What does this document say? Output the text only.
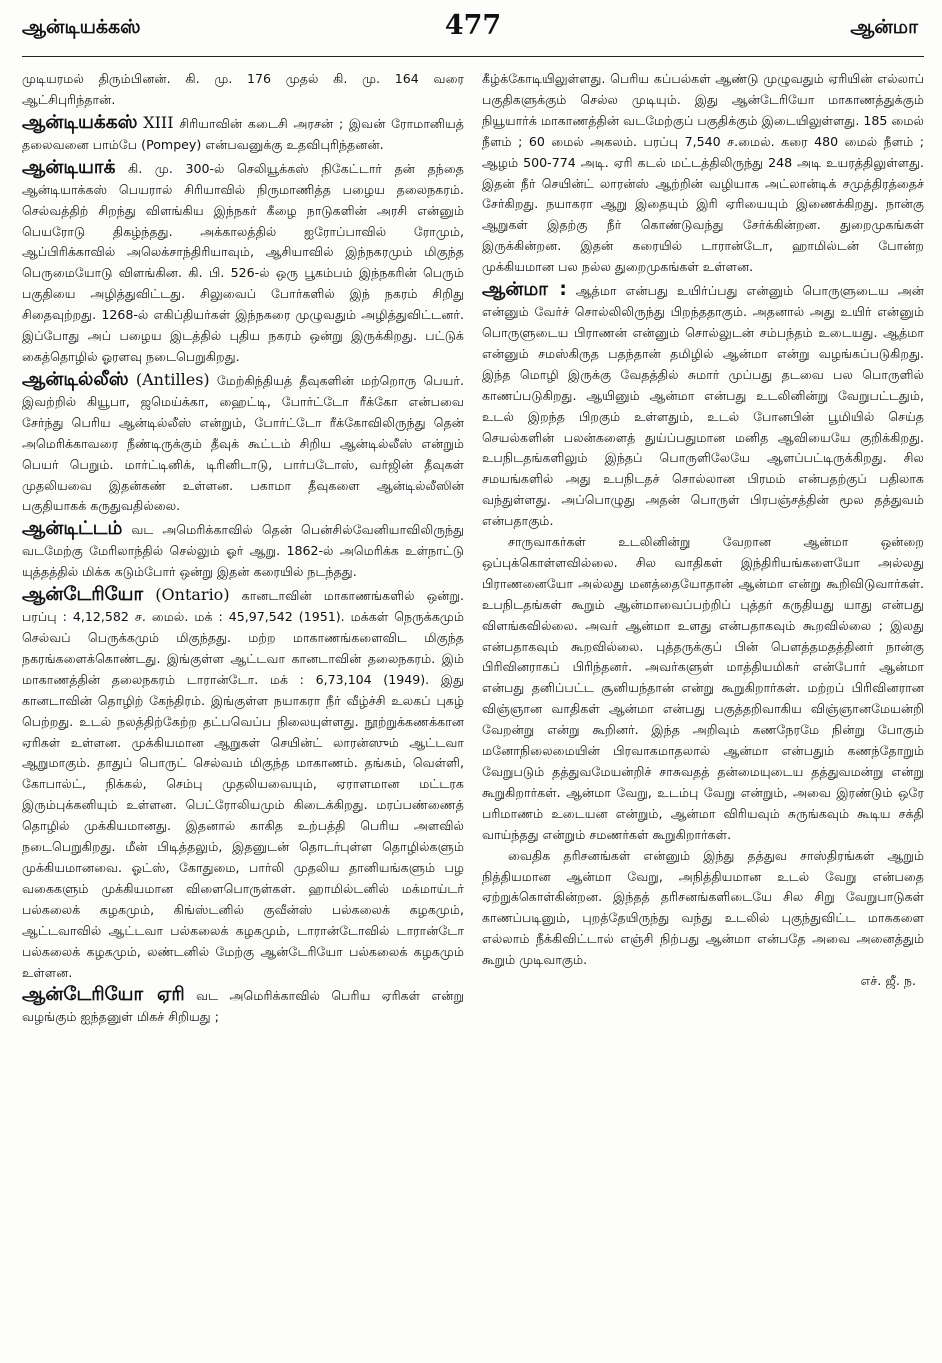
ஆன்டியக்கஸ்	477	ஆன்மா

முடியரமல் திரும்பினன். கி. மு. 176 முதல் கி. மு. 164 வரை ஆட்சிபுரிந்தான்.

ஆன்டியக்கஸ் XIII சிரியாவின் கடைசி அரசன் ; இவன் ரோமானியத் தலைவனை பாம்பே (Pompey) என்பவனுக்கு உதவிபுரிந்தனன்.

ஆன்டியாக் கி. மு. 300-ல் செலியூக்கஸ் நிகேட்டார் தன் தந்தை ஆன்டியாக்கஸ் பெயரால் சிரியாவில் நிருமாணித்த பழைய தலைநகரம். செல்வத்திற் சிறந்து விளங்கிய இந்நகர் கீழை நாடுகளின் அரசி என்னும் பெயரோடு திகழ்ந்தது. அக்காலத்தில் ஐரோப்பாவில் ரோமும், ஆப்பிரிக்காவில் அலெக்சாந்திரியாவும், ஆசியாவில் இந்நகரமும் மிகுந்த பெருமையோடு விளங்கின. கி. பி. 526-ல் ஒரு பூகம்பம் இந்நகரின் பெரும் பகுதியை அழித்துவிட்டது. சிலுவைப் போர்களில் இந் நகரம் சிறிது சிதைவுற்றது. 1268-ல் எகிப்தியர்கள் இந்நகரை முழுவதும் அழித்துவிட்டனர். இப்போது அப் பழைய இடத்தில் புதிய நகரம் ஒன்று இருக்கிறது. பட்டுக் கைத்தொழில் ஓரளவு நடைபெறுகிறது.

ஆன்டில்லீஸ் (Antilles) மேற்கிந்தியத் தீவுகளின் மற்றொரு பெயர். இவற்றில் கியூபா, ஜமெய்க்கா, ஹைட்டி, போர்ட்டோ ரீக்கோ என்பவை சேர்ந்து பெரிய ஆன்டில்லீஸ் என்றும், போர்ட்டோ ரீக்கோவிலிருந்து தென் அமெரிக்காவரை நீண்டிருக்கும் தீவுக் கூட்டம் சிறிய ஆன்டில்லீஸ் என்றும் பெயர் பெறும். மார்ட்டினிக், டிரினிடாடு, பார்படோஸ், வர்ஜின் தீவுகள் முதலியவை இதன்கண் உள்ளன. பகாமா தீவுகளை ஆன்டில்லீஸின் பகுதியாகக் கருதுவதில்லை.

ஆன்டிட்டம் வட அமெரிக்காவில் தென் பென்சில்வேனியாவிலிருந்து வடமேற்கு மேரிலாந்தில் செல்லும் ஓர் ஆறு. 1862-ல் அமெரிக்க உள்நாட்டு யுத்தத்தில் மிக்க கடும்போர் ஒன்று இதன் கரையில் நடந்தது.

ஆன்டேரியோ (Ontario) கானடாவின் மாகாணங்களில் ஒன்று. பரப்பு : 4,12,582 ச. மைல். மக் : 45,97,542 (1951). மக்கள் நெருக்கமும் செல்வப் பெருக்கமும் மிகுந்தது. மற்ற மாகாணங்களைவிட மிகுந்த நகரங்களைக்கொண்டது. இங்குள்ள ஆட்டவா கானடாவின் தலைநகரம். இம் மாகாணத்தின் தலைநகரம் டாரான்டோ. மக் : 6,73,104 (1949). இது கானடாவின் தொழிற் கேந்திரம். இங்குள்ள நயாகரா நீர் வீழ்ச்சி உலகப் புகழ் பெற்றது. உடல் நலத்திற்கேற்ற தட்பவெப்ப நிலையுள்ளது. நூற்றுக்கணக்கான ஏரிகள் உள்ளன. முக்கியமான ஆறுகள் செயின்ட் லாரன்ஸும் ஆட்டவா ஆறுமாகும். தாதுப் பொருட் செல்வம் மிகுந்த மாகாணம். தங்கம், வெள்ளி, கோபால்ட், நிக்கல், செம்பு முதலியவையும், ஏராளமான மட்டரக இரும்புக்கனியும் உள்ளன. பெட்ரோலியமும் கிடைக்கிறது. மரப்பண்ணைத் தொழில் முக்கியமானது. இதனால் காகித உற்பத்தி பெரிய அளவில் நடைபெறுகிறது. மீன் பிடித்தலும், இதனுடன் தொடர்புள்ள தொழில்களும் முக்கியமானவை. ஓட்ஸ், கோதுமை, பார்லி முதலிய தானியங்களும் பழ வகைகளும் முக்கியமான விளைபொருள்கள். ஹாமில்டனில் மக்மாய்டர் பல்கலைக் கழகமும், கிங்ஸ்டனில் குவீன்ஸ் பல்கலைக் கழகமும், ஆட்டவாவில் ஆட்டவா பல்கலைக் கழகமும், டாரான்டோவில் டாரான்டோ பல்கலைக் கழகமும், லண்டனில் மேற்கு ஆன்டேரியோ பல்கலைக் கழகமும் உள்ளன.

ஆன்டேரியோ ஏரி வட அமெரிக்காவில் பெரிய ஏரிகள் என்று வழங்கும் ஐந்தனுள் மிகச் சிறியது ;

கீழ்க்கோடியிலுள்ளது. பெரிய கப்பல்கள் ஆண்டு முழுவதும் ஏரியின் எல்லாப் பகுதிகளுக்கும் செல்ல முடியும். இது ஆன்டேரியோ மாகாணத்துக்கும் நியூயார்க் மாகாணத்தின் வடமேற்குப் பகுதிக்கும் இடையிலுள்ளது. 185 மைல் நீளம் ; 60 மைல் அகலம். பரப்பு 7,540 ச.மைல். கரை 480 மைல் நீளம் ; ஆழம் 500-774 அடி. ஏரி கடல் மட்டத்திலிருந்து 248 அடி உயரத்திலுள்ளது. இதன் நீர் செயின்ட் லாரன்ஸ் ஆற்றின் வழியாக அட்லான்டிக் சமுத்திரத்தைச் சேர்கிறது. நயாகரா ஆறு இதையும் இரி ஏரியையும் இணைக்கிறது. நான்கு ஆறுகள் இதற்கு நீர் கொண்டுவந்து சேர்க்கின்றன. துறைமுகங்கள் இருக்கின்றன. இதன் கரையில் டாரான்டோ, ஹாமில்டன் போன்ற முக்கியமான பல நல்ல துறைமுகங்கள் உள்ளன.

ஆன்மா : ஆத்மா என்பது உயிர்ப்பது என்னும் பொருளுடைய அன் என்னும் வேர்ச் சொல்லிலிருந்து பிறந்ததாகும். அதனால் அது உயிர் என்னும் பொருளுடைய பிராணன் என்னும் சொல்லுடன் சம்பந்தம் உடையது. ஆத்மா என்னும் சமஸ்கிருத பதந்தான் தமிழில் ஆன்மா என்று வழங்கப்படுகிறது. இந்த மொழி இருக்கு வேதத்தில் சுமார் முப்பது தடவை பல பொருளில் காணப்படுகிறது. ஆயினும் ஆன்மா என்பது உடலினின்று வேறுபட்டதும், உடல் இறந்த பிறகும் உள்ளதும், உடல் போனபின் பூமியில் செய்த செயல்களின் பலன்களைத் துய்ப்பதுமான மனித ஆவியையே குறிக்கிறது. உபநிடதங்களிலும் இந்தப் பொருளிலேயே ஆளப்பட்டிருக்கிறது. சில சமயங்களில் அது உபநிடதச் சொல்லான பிரமம் என்பதற்குப் பதிலாக வந்துள்ளது. அப்பொழுது அதன் பொருள் பிரபஞ்சத்தின் மூல தத்துவம் என்பதாகும்.

சாருவாகர்கள் உடலினின்று வேறான ஆன்மா ஒன்றை ஒப்புக்கொள்ளவில்லை. சில வாதிகள் இந்திரியங்களையோ அல்லது பிராணனையோ அல்லது மனத்தையோதான் ஆன்மா என்று கூறிவிடுவார்கள். உபநிடதங்கள் கூறும் ஆன்மாவைப்பற்றிப் புத்தர் கருதியது யாது என்பது விளங்கவில்லை. அவர் ஆன்மா உளது என்பதாகவும் கூறவில்லை ; இலது என்பதாகவும் கூறவில்லை. புத்தருக்குப் பின் பௌத்தமதத்தினர் நான்கு பிரிவினராகப் பிரிந்தனர். அவர்களுள் மாத்தியமிகர் என்போர் ஆன்மா என்பது தனிப்பட்ட சூனியந்தான் என்று கூறுகிறார்கள். மற்றப் பிரிவினரான விஞ்ஞான வாதிகள் ஆன்மா என்பது பகுத்தறிவாகிய விஞ்ஞானமேயன்றி வேறன்று என்று கூறினர். இந்த அறிவும் கணநேரமே நின்று போகும் மனோநிலைமையின் பிரவாகமாதலால் ஆன்மா என்பதும் கணந்தோறும் வேறுபடும் தத்துவமேயன்றிச் சாசுவதத் தன்மையுடைய தத்துவமன்று என்று கூறுகிறார்கள். ஆன்மா வேறு, உடம்பு வேறு என்றும், அவை இரண்டும் ஒரே பரிமாணம் உடையன என்றும், ஆன்மா விரியவும் சுருங்கவும் கூடிய சக்தி வாய்ந்தது என்றும் சமணர்கள் கூறுகிறார்கள்.

வைதிக தரிசனங்கள் என்னும் இந்து தத்துவ சாஸ்திரங்கள் ஆறும் நித்தியமான ஆன்மா வேறு, அநித்தியமான உடல் வேறு என்பதை ஏற்றுக்கொள்கின்றன. இந்தத் தரிசனங்களிடையே சில சிறு வேறுபாடுகள் காணப்படினும், புறத்தேயிருந்து வந்து உடலில் புகுந்துவிட்ட மாசுகளை எல்லாம் நீக்கிவிட்டால் எஞ்சி நிற்பது ஆன்மா என்பதே அவை அனைத்தும் கூறும் முடிவாகும்.

எச். ஜீ. ந.
